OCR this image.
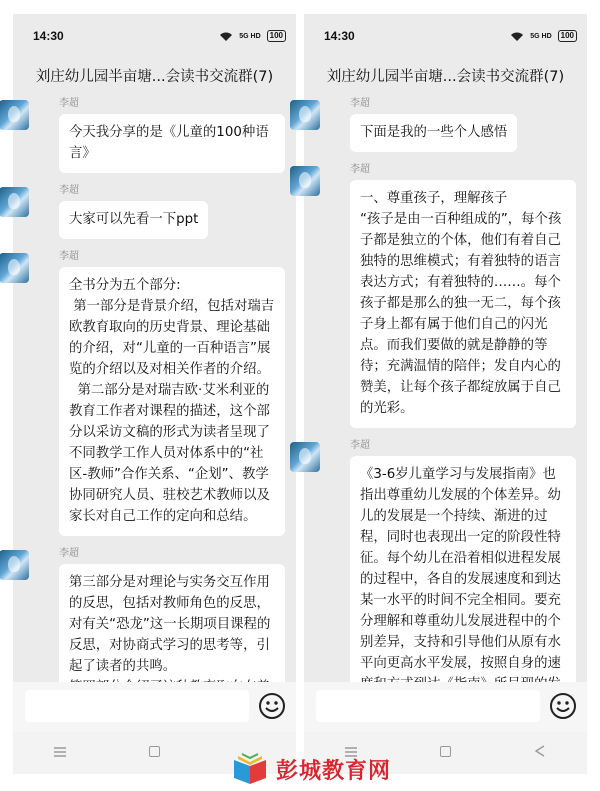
14:30	5G HD	100
刘庄幼儿园半亩塘...会读书交流群(7)
李超
今天我分享的是《儿童的100种语言》
李超
大家可以先看一下ppt
李超
全书分为五个部分:
第一部分是背景介绍，包括对瑞吉欧教育取向的历史背景、理论基础的介绍，对“儿童的一百种语言”展览的介绍以及对相关作者的介绍。
第二部分是对瑞吉欧·艾米利亚的教育工作者对课程的描述，这个部分以采访文稿的形式为读者呈现了不同教学工作人员对体系中的“社区-教师”合作关系、“企划”、教学协同研究人员、驻校艺术教师以及家长对自己工作的定向和总结。
李超
第三部分是对理论与实务交互作用的反思，包括对教师角色的反思，对有关“恐龙”这一长期项目课程的反思，对协商式学习的思考等，引起了读者的共鸣。

14:30	5G HD	100
刘庄幼儿园半亩塘...会读书交流群(7)
李超
下面是我的一些个人感悟
李超
一、尊重孩子，理解孩子
“孩子是由一百种组成的”，每个孩子都是独立的个体，他们有着自己独特的思维模式；有着独特的语言表达方式；有着独特的……。每个孩子都是那么的独一无二，每个孩子身上都有属于他们自己的闪光点。而我们要做的就是静静的等待；充满温情的陪伴；发自内心的赞美，让每个孩子都绽放属于自己的光彩。
李超
《3-6岁儿童学习与发展指南》也指出尊重幼儿发展的个体差异。幼儿的发展是一个持续、渐进的过程，同时也表现出一定的阶段性特征。每个幼儿在沿着相似进程发展的过程中，各自的发展速度和到达某一水平的时间不完全相同。要充分理解和尊重幼儿发展进程中的个别差异，支持和引导他们从原有水平向更高水平发展，按照自身的速
彭城教育网
